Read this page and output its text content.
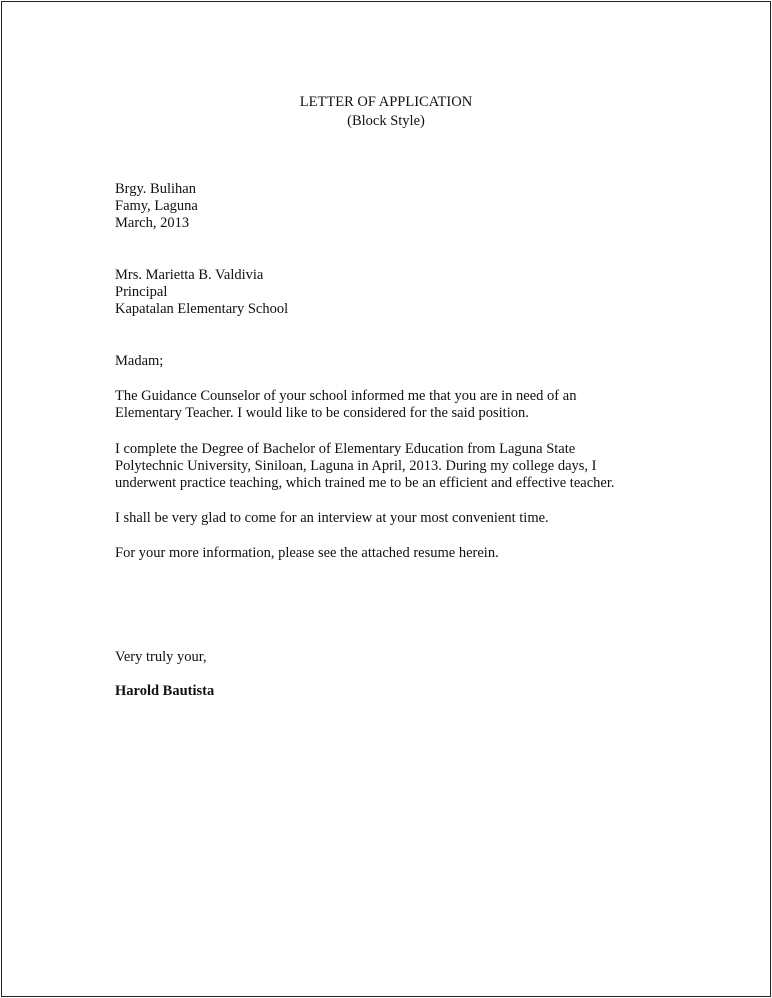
LETTER OF APPLICATION
(Block Style)
Brgy. Bulihan
Famy, Laguna
March, 2013
Mrs. Marietta B. Valdivia
Principal
Kapatalan Elementary School
Madam;
The Guidance Counselor of your school informed me that you are in need of an
Elementary Teacher. I would like to be considered for the said position.
I complete the Degree of Bachelor of Elementary Education from Laguna State
Polytechnic University, Siniloan, Laguna in April, 2013. During my college days, I
underwent practice teaching, which trained me to be an efficient and effective teacher.
I shall be very glad to come for an interview at your most convenient time.
For your more information, please see the attached resume herein.
Very truly your,
Harold Bautista
